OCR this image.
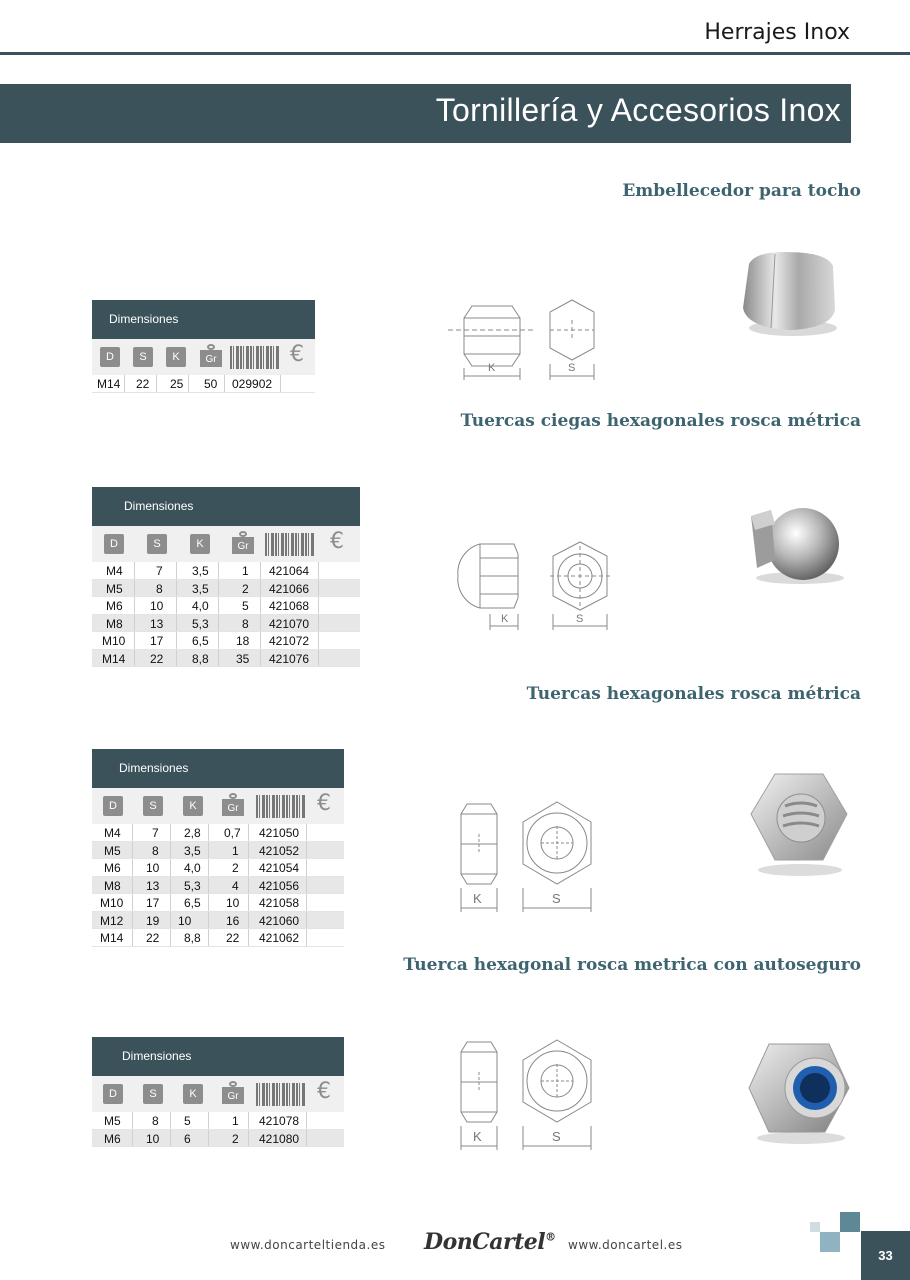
Herrajes Inox
Tornillería y Accesorios Inox
Embellecedor para tocho
Tuercas ciegas hexagonales rosca métrica
Tuercas hexagonales rosca métrica
Tuerca hexagonal rosca metrica con autoseguro
Dimensiones
D	S	K	Gr	€
M14 22 25 50 029902
Dimensiones
D	S	K	Gr	€
M4	7 3,5	1 421064
M5	8 3,5	2 421066
M6 10 4,0	5 421068
M8 13 5,3	8 421070
M10 17 6,5 18 421072
M14 22 8,8 35 421076
Dimensiones
D	S	K	Gr	€
M4	7 2,8 0,7 421050
M5	8 3,5	1 421052
M6 10 4,0	2 421054
M8 13 5,3	4 421056
M10 17 6,5 10 421058
M12 19 10	16 421060
M14 22 8,8 22 421062
Dimensiones
D	S	K	Gr	€
M5	8 5	1 421078
M6 10 6	2 421080
K	S
K	S
K	S
K	S
www.doncarteltienda.es DonCartel®
www.doncartel.es
33
